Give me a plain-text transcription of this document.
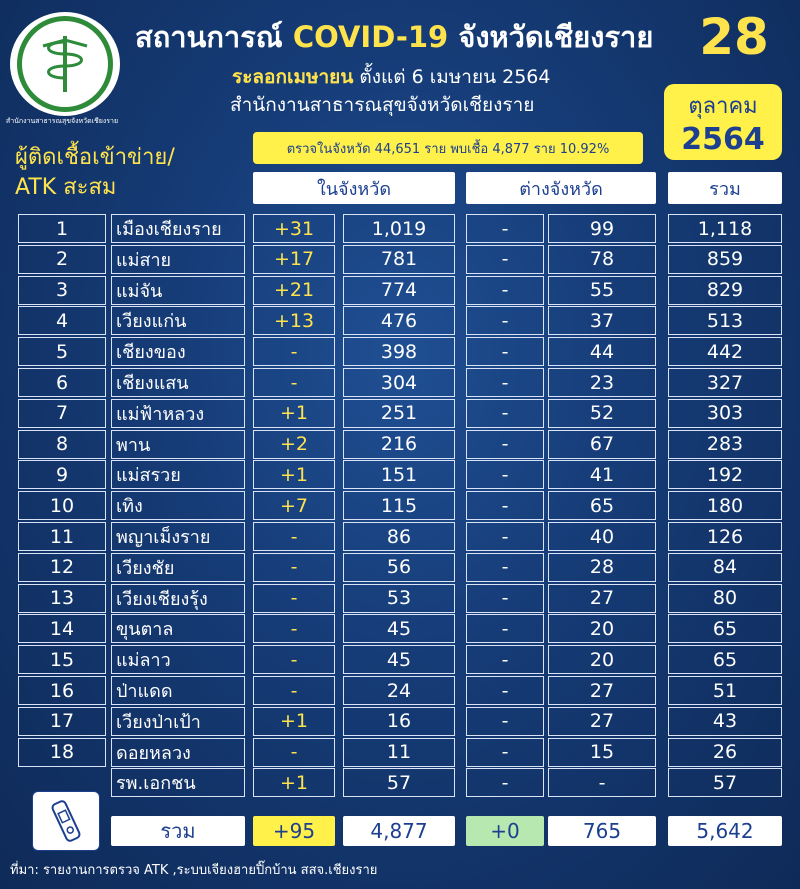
สำนักงานสาธารณสุขจังหวัดเชียงราย
สถานการณ์ COVID-19 จังหวัดเชียงราย
ระลอกเมษายน ตั้งแต่ 6 เมษายน 2564
สำนักงานสาธารณสุขจังหวัดเชียงราย
28
ตุลาคม
2564
ตรวจในจังหวัด 44,651 ราย พบเชื้อ 4,877 ราย 10.92%
ผู้ติดเชื้อเข้าข่าย/
ATK สะสม	ในจังหวัด	ต่างจังหวัด	รวม
1	เมืองเชียงราย	+31	1,019	-	99	1,118
2	แม่สาย	+17	781	-	78	859
3	แม่จัน	+21	774	-	55	829
4	เวียงแก่น	+13	476	-	37	513
5	เชียงของ	-	398	-	44	442
6	เชียงแสน	-	304	-	23	327
7	แม่ฟ้าหลวง	+1	251	-	52	303
8	พาน	+2	216	-	67	283
9	แม่สรวย	+1	151	-	41	192
10	เทิง	+7	115	-	65	180
11	พญาเม็งราย	-	86	-	40	126
12	เวียงชัย	-	56	-	28	84
13	เวียงเชียงรุ้ง	-	53	-	27	80
14	ขุนตาล	-	45	-	20	65
15	แม่ลาว	-	45	-	20	65
16	ป่าแดด	-	24	-	27	51
17	เวียงป่าเป้า	+1	16	-	27	43
18	ดอยหลวง	-	11	-	15	26
รพ.เอกชน	+1	57	-	-	57
รวม	+95	4,877	+0	765	5,642
ที่มา: รายงานการตรวจ ATK ,ระบบเจียงฮายปิ๊กบ้าน สสจ.เชียงราย
